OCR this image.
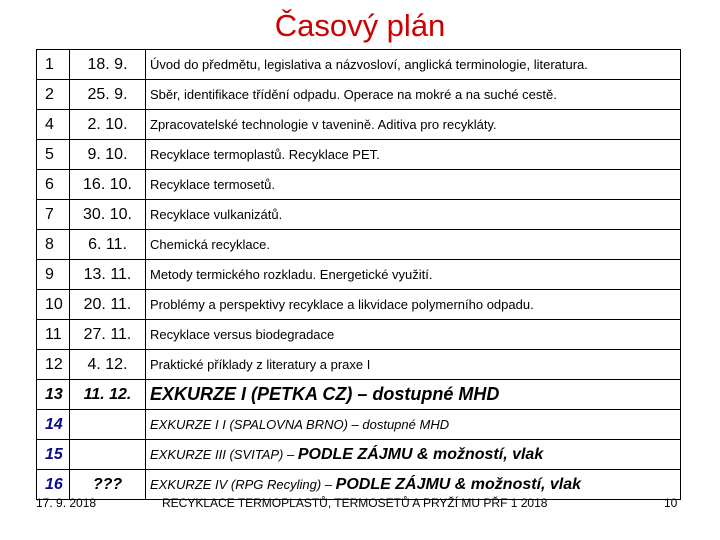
Časový plán
1	18. 9.	Úvod do předmětu, legislativa a názvosloví, anglická terminologie, literatura.
2	25. 9.	Sběr, identifikace třídění odpadu. Operace na mokré a na suché cestě.
4	2. 10.	Zpracovatelské technologie v tavenině. Aditiva pro recykláty.
5	9. 10.	Recyklace termoplastů. Recyklace PET.
6	16. 10.	Recyklace termosetů.
7	30. 10.	Recyklace vulkanizátů.
8	6. 11.	Chemická recyklace.
9	13. 11.	Metody termického rozkladu. Energetické využití.
10	20. 11.	Problémy a perspektivy recyklace a likvidace polymerního odpadu.
11	27. 11.	Recyklace versus biodegradace
12	4. 12.	Praktické příklady z literatury a praxe I
13	11. 12.	EXKURZE I (PETKA CZ) – dostupné MHD
14		EXKURZE I I (SPALOVNA BRNO) – dostupné MHD
15		EXKURZE III (SVITAP) – PODLE ZÁJMU & možností, vlak
16	???	EXKURZE IV (RPG Recyling) – PODLE ZÁJMU & možností, vlak
17. 9. 2018	RECYKLACE TERMOPLASTŮ, TERMOSETŮ A PRYŽÍ MU PŘF 1 2018	10
